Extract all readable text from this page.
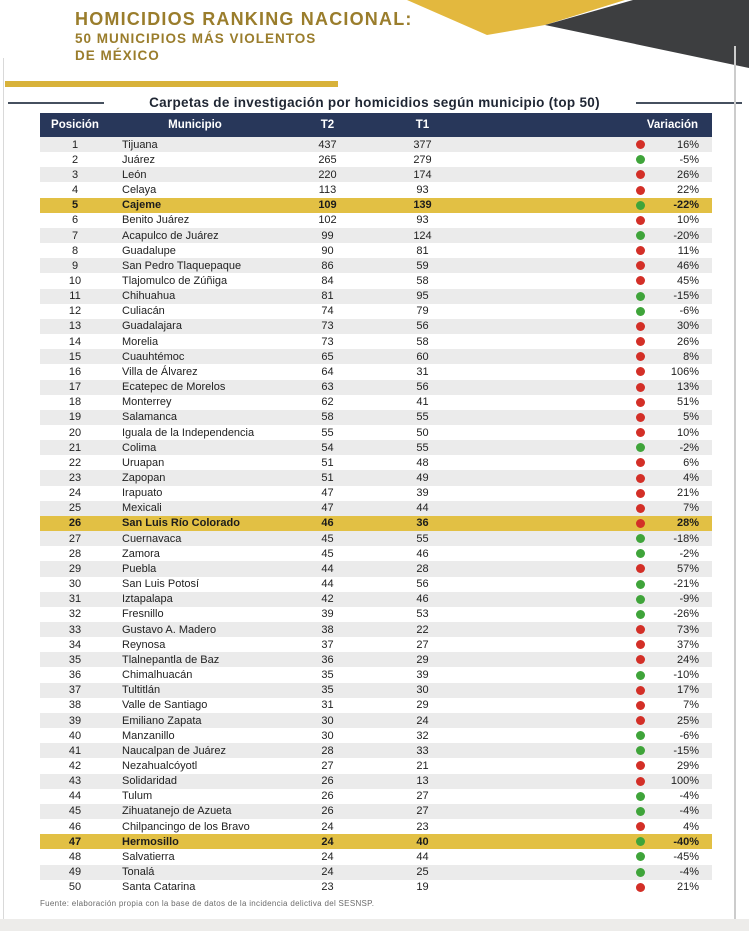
HOMICIDIOS RANKING NACIONAL:
50 MUNICIPIOS MÁS VIOLENTOS
DE MÉXICO
Carpetas de investigación por homicidios según municipio (top 50)
Posición	Municipio	T2	T1	Variación
1	Tijuana	437	377	16%
2	Juárez	265	279	-5%
3	León	220	174	26%
4	Celaya	113	93	22%
5	Cajeme	109	139	-22%
6	Benito Juárez	102	93	10%
7	Acapulco de Juárez	99	124	-20%
8	Guadalupe	90	81	11%
9	San Pedro Tlaquepaque	86	59	46%
10	Tlajomulco de Zúñiga	84	58	45%
11	Chihuahua	81	95	-15%
12	Culiacán	74	79	-6%
13	Guadalajara	73	56	30%
14	Morelia	73	58	26%
15	Cuauhtémoc	65	60	8%
16	Villa de Álvarez	64	31	106%
17	Ecatepec de Morelos	63	56	13%
18	Monterrey	62	41	51%
19	Salamanca	58	55	5%
20	Iguala de la Independencia	55	50	10%
21	Colima	54	55	-2%
22	Uruapan	51	48	6%
23	Zapopan	51	49	4%
24	Irapuato	47	39	21%
25	Mexicali	47	44	7%
26	San Luis Río Colorado	46	36	28%
27	Cuernavaca	45	55	-18%
28	Zamora	45	46	-2%
29	Puebla	44	28	57%
30	San Luis Potosí	44	56	-21%
31	Iztapalapa	42	46	-9%
32	Fresnillo	39	53	-26%
33	Gustavo A. Madero	38	22	73%
34	Reynosa	37	27	37%
35	Tlalnepantla de Baz	36	29	24%
36	Chimalhuacán	35	39	-10%
37	Tultitlán	35	30	17%
38	Valle de Santiago	31	29	7%
39	Emiliano Zapata	30	24	25%
40	Manzanillo	30	32	-6%
41	Naucalpan de Juárez	28	33	-15%
42	Nezahualcóyotl	27	21	29%
43	Solidaridad	26	13	100%
44	Tulum	26	27	-4%
45	Zihuatanejo de Azueta	26	27	-4%
46	Chilpancingo de los Bravo	24	23	4%
47	Hermosillo	24	40	-40%
48	Salvatierra	24	44	-45%
49	Tonalá	24	25	-4%
50	Santa Catarina	23	19	21%
Fuente: elaboración propia con la base de datos de la incidencia delictiva del SESNSP.
